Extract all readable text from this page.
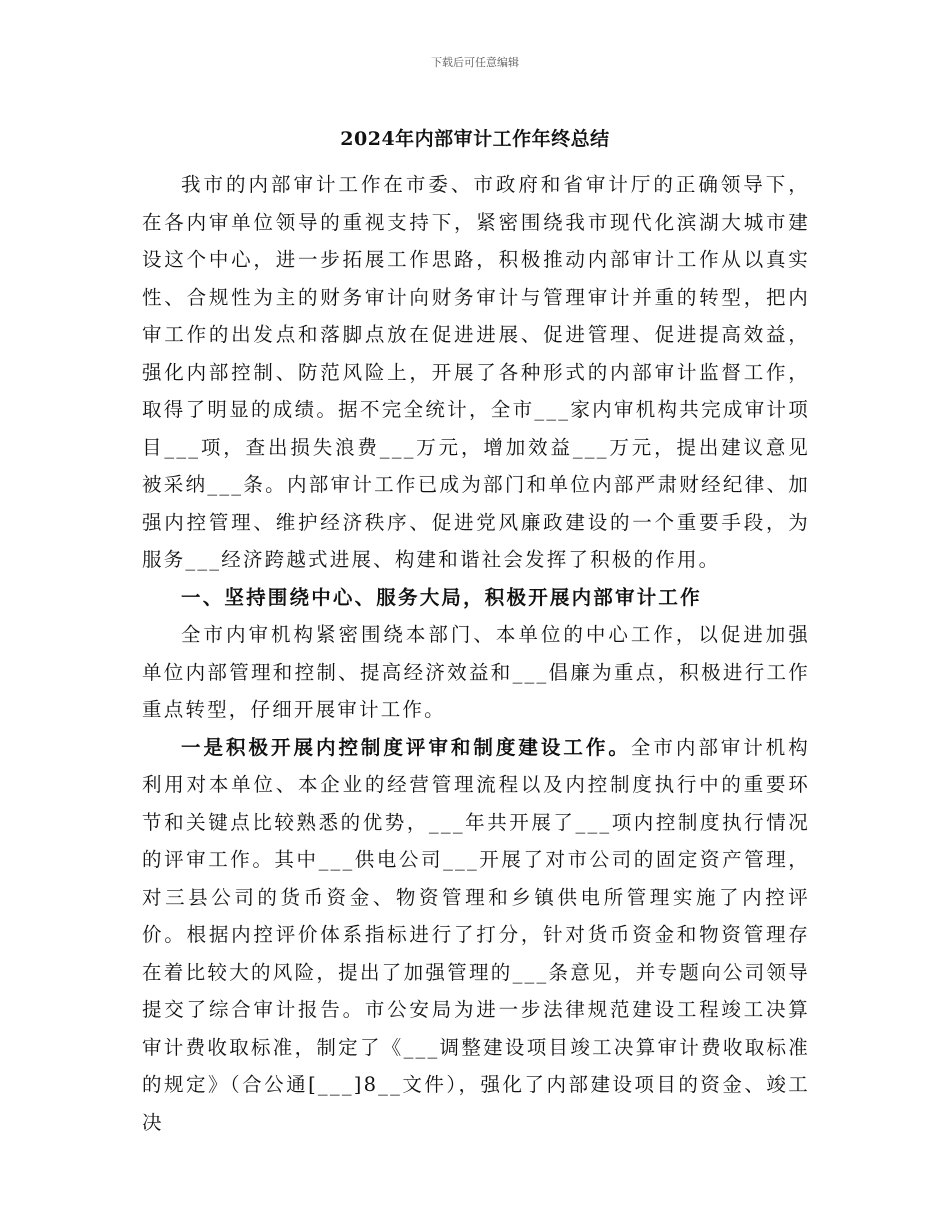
下载后可任意编辑
2024年内部审计工作年终总结

我市的内部审计工作在市委、市政府和省审计厅的正确领导下，在各内审单位领导的重视支持下，紧密围绕我市现代化滨湖大城市建设这个中心，进一步拓展工作思路，积极推动内部审计工作从以真实性、合规性为主的财务审计向财务审计与管理审计并重的转型，把内审工作的出发点和落脚点放在促进进展、促进管理、促进提高效益，强化内部控制、防范风险上，开展了各种形式的内部审计监督工作，取得了明显的成绩。据不完全统计，全市___家内审机构共完成审计项目___项，查出损失浪费___万元，增加效益___万元，提出建议意见被采纳___条。内部审计工作已成为部门和单位内部严肃财经纪律、加强内控管理、维护经济秩序、促进党风廉政建设的一个重要手段，为服务___经济跨越式进展、构建和谐社会发挥了积极的作用。

一、坚持围绕中心、服务大局，积极开展内部审计工作

全市内审机构紧密围绕本部门、本单位的中心工作，以促进加强单位内部管理和控制、提高经济效益和___倡廉为重点，积极进行工作重点转型，仔细开展审计工作。

一是积极开展内控制度评审和制度建设工作。全市内部审计机构利用对本单位、本企业的经营管理流程以及内控制度执行中的重要环节和关键点比较熟悉的优势，___年共开展了___项内控制度执行情况的评审工作。其中___供电公司___开展了对市公司的固定资产管理，对三县公司的货币资金、物资管理和乡镇供电所管理实施了内控评价。根据内控评价体系指标进行了打分，针对货币资金和物资管理存在着比较大的风险，提出了加强管理的___条意见，并专题向公司领导提交了综合审计报告。市公安局为进一步法律规范建设工程竣工决算审计费收取标准，制定了《___调整建设项目竣工决算审计费收取标准的规定》（合公通[___]8__文件），强化了内部建设项目的资金、竣工决
